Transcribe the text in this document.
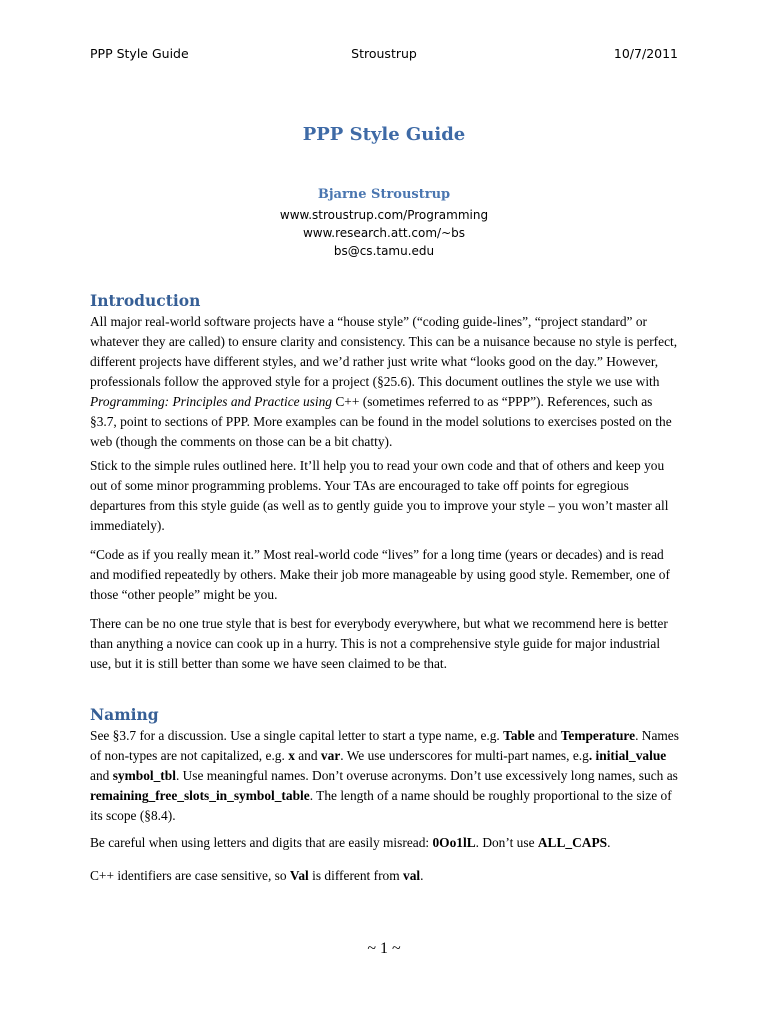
PPP Style Guide	Stroustrup	10/7/2011
PPP Style Guide
Bjarne Stroustrup
www.stroustrup.com/Programming
www.research.att.com/~bs
bs@cs.tamu.edu
Introduction
All major real-world software projects have a “house style” (“coding guide-lines”, “project standard” or whatever they are called) to ensure clarity and consistency. This can be a nuisance because no style is perfect, different projects have different styles, and we’d rather just write what “looks good on the day.” However, professionals follow the approved style for a project (§25.6). This document outlines the style we use with Programming: Principles and Practice using C++ (sometimes referred to as “PPP”). References, such as §3.7, point to sections of PPP. More examples can be found in the model solutions to exercises posted on the web (though the comments on those can be a bit chatty).
Stick to the simple rules outlined here. It’ll help you to read your own code and that of others and keep you out of some minor programming problems. Your TAs are encouraged to take off points for egregious departures from this style guide (as well as to gently guide you to improve your style – you won’t master all immediately).
“Code as if you really mean it.” Most real-world code “lives” for a long time (years or decades) and is read and modified repeatedly by others. Make their job more manageable by using good style. Remember, one of those “other people” might be you.
There can be no one true style that is best for everybody everywhere, but what we recommend here is better than anything a novice can cook up in a hurry. This is not a comprehensive style guide for major industrial use, but it is still better than some we have seen claimed to be that.
Naming
See §3.7 for a discussion. Use a single capital letter to start a type name, e.g. Table and Temperature. Names of non-types are not capitalized, e.g. x and var. We use underscores for multi-part names, e.g. initial_value and symbol_tbl. Use meaningful names. Don’t overuse acronyms. Don’t use excessively long names, such as remaining_free_slots_in_symbol_table. The length of a name should be roughly proportional to the size of its scope (§8.4).
Be careful when using letters and digits that are easily misread: 0Oo1lL. Don’t use ALL_CAPS.
C++ identifiers are case sensitive, so Val is different from val.
~ 1 ~
